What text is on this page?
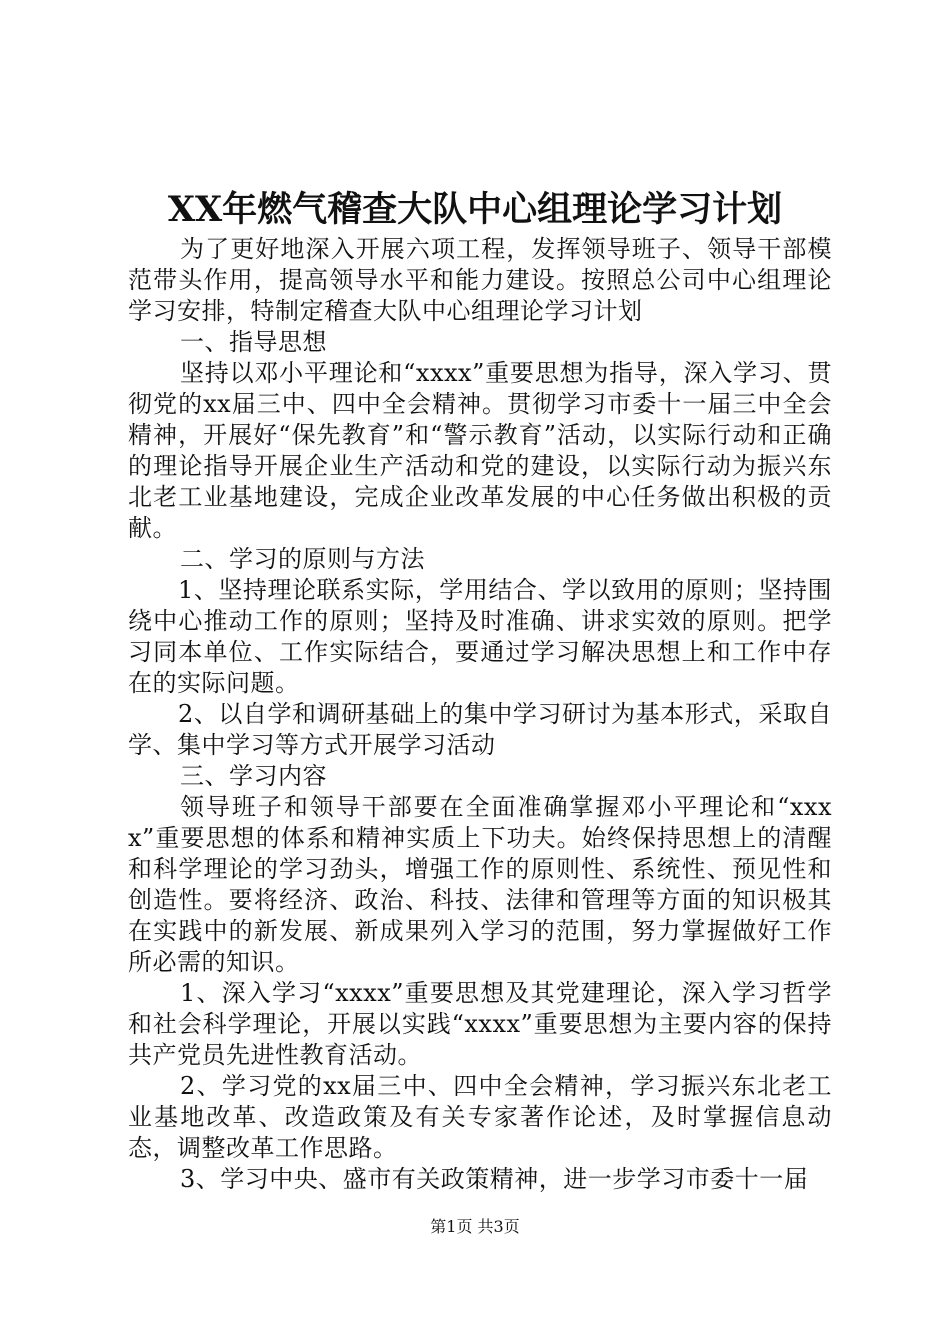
XX年燃气稽查大队中心组理论学习计划

为了更好地深入开展六项工程，发挥领导班子、领导干部模范带头作用，提高领导水平和能力建设。按照总公司中心组理论学习安排，特制定稽查大队中心组理论学习计划

一、指导思想

坚持以邓小平理论和“xxxx”重要思想为指导，深入学习、贯彻党的xx届三中、四中全会精神。贯彻学习市委十一届三中全会精神，开展好“保先教育”和“警示教育”活动，以实际行动和正确的理论指导开展企业生产活动和党的建设，以实际行动为振兴东北老工业基地建设，完成企业改革发展的中心任务做出积极的贡献。

二、学习的原则与方法

1、坚持理论联系实际，学用结合、学以致用的原则；坚持围绕中心推动工作的原则；坚持及时准确、讲求实效的原则。把学习同本单位、工作实际结合，要通过学习解决思想上和工作中存在的实际问题。

2、以自学和调研基础上的集中学习研讨为基本形式，采取自学、集中学习等方式开展学习活动

三、学习内容

领导班子和领导干部要在全面准确掌握邓小平理论和“xxxx”重要思想的体系和精神实质上下功夫。始终保持思想上的清醒和科学理论的学习劲头，增强工作的原则性、系统性、预见性和创造性。要将经济、政治、科技、法律和管理等方面的知识极其在实践中的新发展、新成果列入学习的范围，努力掌握做好工作所必需的知识。

1、深入学习“xxxx”重要思想及其党建理论，深入学习哲学和社会科学理论，开展以实践“xxxx”重要思想为主要内容的保持共产党员先进性教育活动。

2、学习党的xx届三中、四中全会精神，学习振兴东北老工业基地改革、改造政策及有关专家著作论述，及时掌握信息动态，调整改革工作思路。

3、学习中央、盛市有关政策精神，进一步学习市委十一届

第1页 共3页
